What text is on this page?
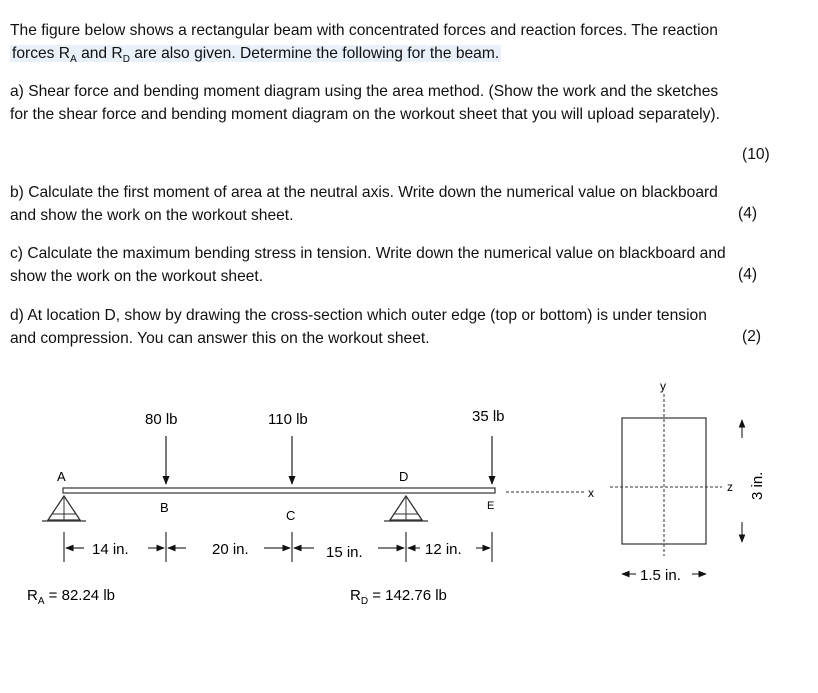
The figure below shows a rectangular beam with concentrated forces and reaction forces. The reaction
forces $R_A$ and $R_D$ are also given. Determine the following for the beam.
a) Shear force and bending moment diagram using the area method. (Show the work and the sketches
for the shear force and bending moment diagram on the workout sheet that you will upload separately).
(10)
b) Calculate the first moment of area at the neutral axis. Write down the numerical value on blackboard
and show the work on the workout sheet.	(4)
c) Calculate the maximum bending stress in tension. Write down the numerical value on blackboard and
show the work on the workout sheet.	(4)
d) At location D, show by drawing the cross-section which outer edge (top or bottom) is under tension
and compression. You can answer this on the workout sheet.	(2)
80 lb	110 lb	35 lb
A
B
C
D
E
14 in.	20 in.	15 in.	12 in.
$R_A = 82.24$ lb	$R_D = 142.76$ lb
x
y
z
1.5 in.
3 in.
